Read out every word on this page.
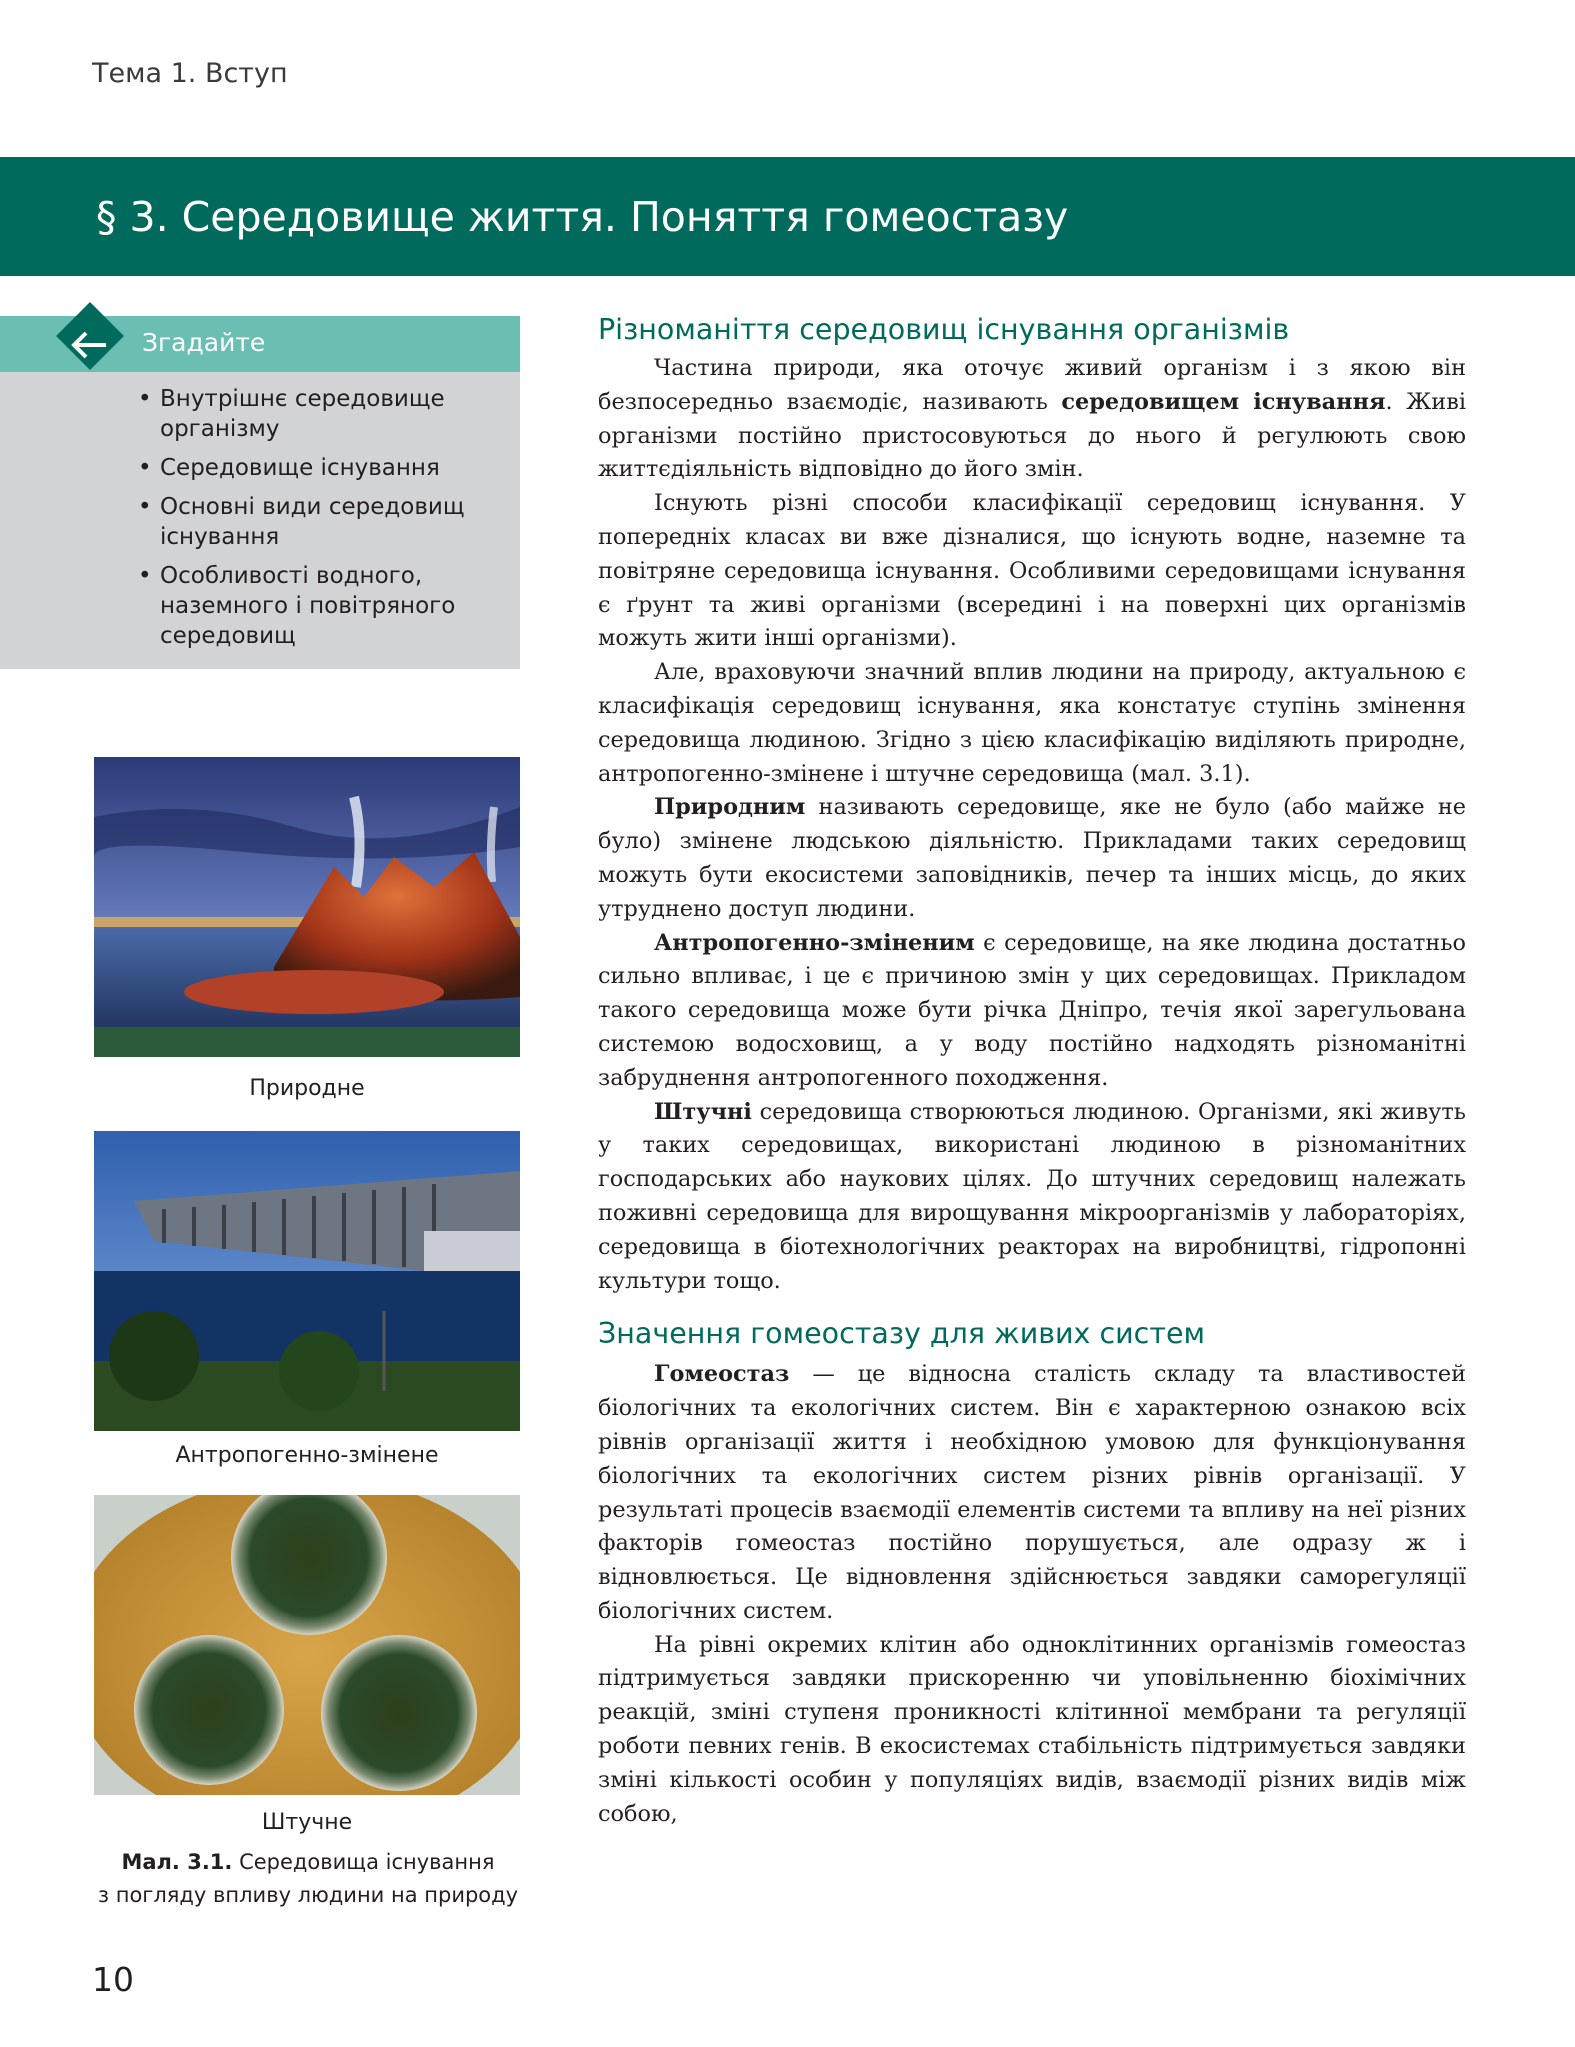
Тема 1. Вступ
§ 3. Середовище життя. Поняття гомеостазу
Згадайте
• Внутрішнє середовище організму
• Середовище існування
• Основні види середовищ існування
• Особливості водного, наземного і повітряного середовищ
Природне
Антропогенно-змінене
Штучне
Мал. 3.1. Середовища існування
з погляду впливу людини на природу
Різноманіття середовищ існування організмів

Частина природи, яка оточує живий організм і з якою він безпосередньо взаємодіє, називають середовищем існування. Живі організми постійно пристосовуються до нього й регулюють свою життєдіяльність відповідно до його змін.

Існують різні способи класифікації середовищ існування. У попередніх класах ви вже дізналися, що існують водне, наземне та повітряне середовища існування. Особливими середовищами існування є ґрунт та живі організми (всередині і на поверхні цих організмів можуть жити інші організми).

Але, враховуючи значний вплив людини на природу, актуальною є класифікація середовищ існування, яка констатує ступінь змінення середовища людиною. Згідно з цією класифікацію виділяють природне, антропогенно-змінене і штучне середовища (мал. 3.1).

Природним називають середовище, яке не було (або майже не було) змінене людською діяльністю. Прикладами таких середовищ можуть бути екосистеми заповідників, печер та інших місць, до яких утруднено доступ людини.

Антропогенно-зміненим є середовище, на яке людина достатньо сильно впливає, і це є причиною змін у цих середовищах. Прикладом такого середовища може бути річка Дніпро, течія якої зарегульована системою водосховищ, а у воду постійно надходять різноманітні забруднення антропогенного походження.

Штучні середовища створюються людиною. Організми, які живуть у таких середовищах, використані людиною в різноманітних господарських або наукових цілях. До штучних середовищ належать поживні середовища для вирощування мікроорганізмів у лабораторіях, середовища в біотехнологічних реакторах на виробництві, гідропонні культури тощо.

Значення гомеостазу для живих систем

Гомеостаз — це відносна сталість складу та властивостей біологічних та екологічних систем. Він є характерною ознакою всіх рівнів організації життя і необхідною умовою для функціонування біологічних та екологічних систем різних рівнів організації. У результаті процесів взаємодії елементів системи та впливу на неї різних факторів гомеостаз постійно порушується, але одразу ж і відновлюється. Це відновлення здійснюється завдяки саморегуляції біологічних систем.

На рівні окремих клітин або одноклітинних організмів гомеостаз підтримується завдяки прискоренню чи уповільненню біохімічних реакцій, зміні ступеня проникності клітинної мембрани та регуляції роботи певних генів. В екосистемах стабільність підтримується завдяки зміні кількості особин у популяціях видів, взаємодії різних видів між собою,

10
